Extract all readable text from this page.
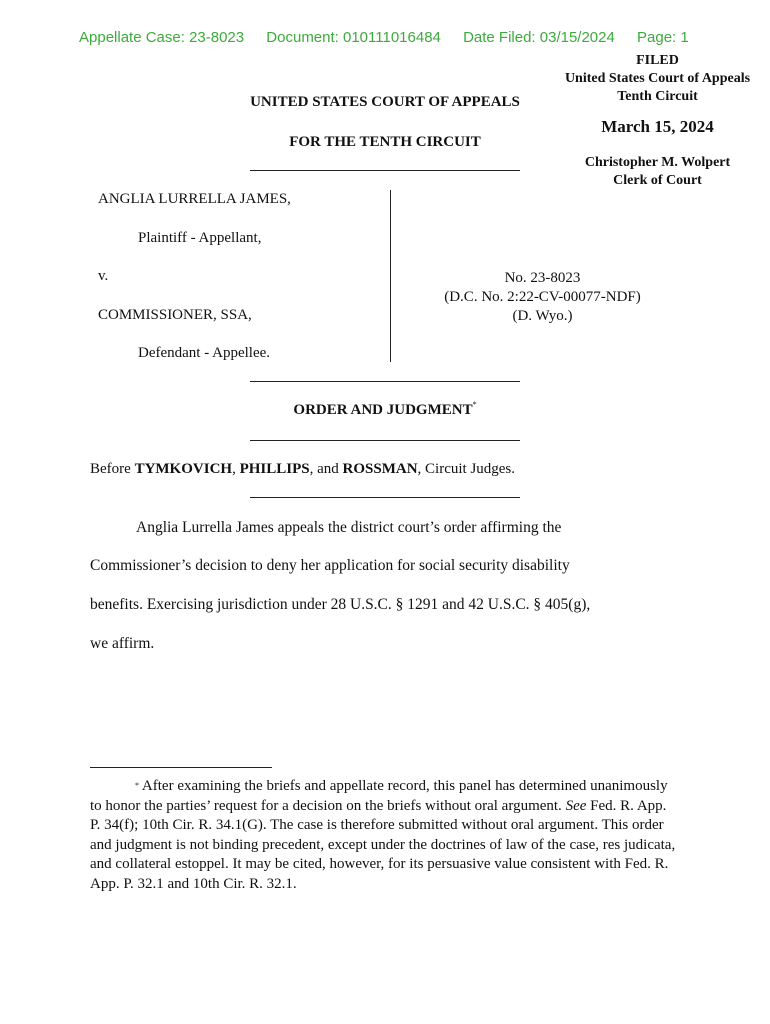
Appellate Case: 23-8023 Document: 010111016484 Date Filed: 03/15/2024 Page: 1
FILED
United States Court of Appeals
Tenth Circuit
March 15, 2024
Christopher M. Wolpert
Clerk of Court
UNITED STATES COURT OF APPEALS
FOR THE TENTH CIRCUIT
ANGLIA LURRELLA JAMES,
Plaintiff - Appellant,
v.
COMMISSIONER, SSA,
Defendant - Appellee.
No. 23-8023
(D.C. No. 2:22-CV-00077-NDF)
(D. Wyo.)
ORDER AND JUDGMENT*
Before TYMKOVICH, PHILLIPS, and ROSSMAN, Circuit Judges.
Anglia Lurrella James appeals the district court’s order affirming the
Commissioner’s decision to deny her application for social security disability
benefits. Exercising jurisdiction under 28 U.S.C. § 1291 and 42 U.S.C. § 405(g),
we affirm.
* After examining the briefs and appellate record, this panel has determined unanimously to honor the parties’ request for a decision on the briefs without oral argument. See Fed. R. App. P. 34(f); 10th Cir. R. 34.1(G). The case is therefore submitted without oral argument. This order and judgment is not binding precedent, except under the doctrines of law of the case, res judicata, and collateral estoppel. It may be cited, however, for its persuasive value consistent with Fed. R. App. P. 32.1 and 10th Cir. R. 32.1.
